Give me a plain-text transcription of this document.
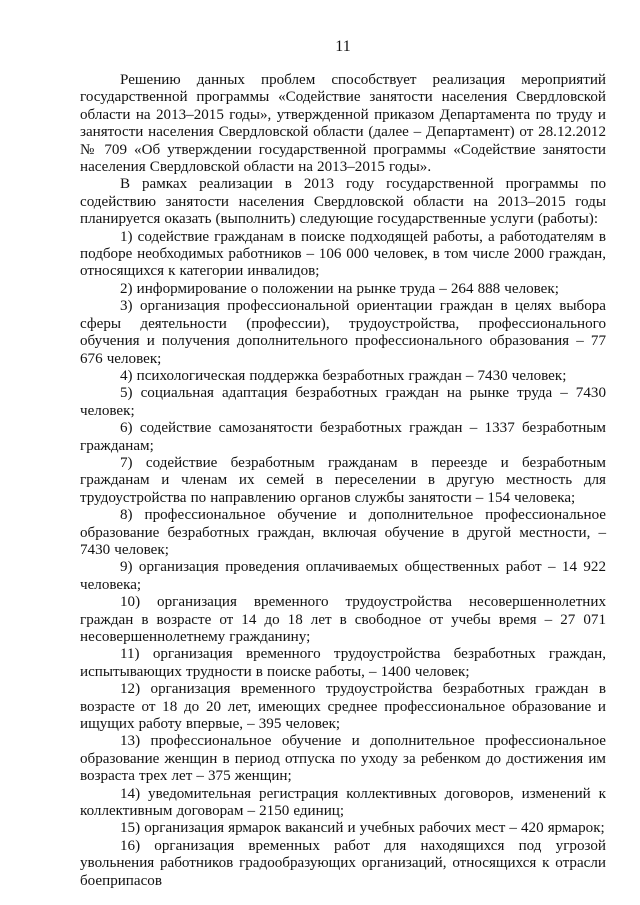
11

Решению данных проблем способствует реализация мероприятий государственной программы «Содействие занятости населения Свердловской области на 2013–2015 годы», утвержденной приказом Департамента по труду и занятости населения Свердловской области (далее – Департамент) от 28.12.2012 № 709 «Об утверждении государственной программы «Содействие занятости населения Свердловской области на 2013–2015 годы».

В рамках реализации в 2013 году государственной программы по содействию занятости населения Свердловской области на 2013–2015 годы планируется оказать (выполнить) следующие государственные услуги (работы):

1) содействие гражданам в поиске подходящей работы, а работодателям в подборе необходимых работников – 106 000 человек, в том числе 2000 граждан, относящихся к категории инвалидов;

2) информирование о положении на рынке труда – 264 888 человек;

3) организация профессиональной ориентации граждан в целях выбора сферы деятельности (профессии), трудоустройства, профессионального обучения и получения дополнительного профессионального образования – 77 676 человек;

4) психологическая поддержка безработных граждан – 7430 человек;

5) социальная адаптация безработных граждан на рынке труда – 7430 человек;

6) содействие самозанятости безработных граждан – 1337 безработным гражданам;

7) содействие безработным гражданам в переезде и безработным гражданам и членам их семей в переселении в другую местность для трудоустройства по направлению органов службы занятости – 154 человека;

8) профессиональное обучение и дополнительное профессиональное образование безработных граждан, включая обучение в другой местности, – 7430 человек;

9) организация проведения оплачиваемых общественных работ – 14 922 человека;

10) организация временного трудоустройства несовершеннолетних граждан в возрасте от 14 до 18 лет в свободное от учебы время – 27 071 несовершеннолетнему гражданину;

11) организация временного трудоустройства безработных граждан, испытывающих трудности в поиске работы, – 1400 человек;

12) организация временного трудоустройства безработных граждан в возрасте от 18 до 20 лет, имеющих среднее профессиональное образование и ищущих работу впервые, – 395 человек;

13) профессиональное обучение и дополнительное профессиональное образование женщин в период отпуска по уходу за ребенком до достижения им возраста трех лет – 375 женщин;

14) уведомительная регистрация коллективных договоров, изменений к коллективным договорам – 2150 единиц;

15) организация ярмарок вакансий и учебных рабочих мест – 420 ярмарок;

16) организация временных работ для находящихся под угрозой увольнения работников градообразующих организаций, относящихся к отрасли боеприпасов
